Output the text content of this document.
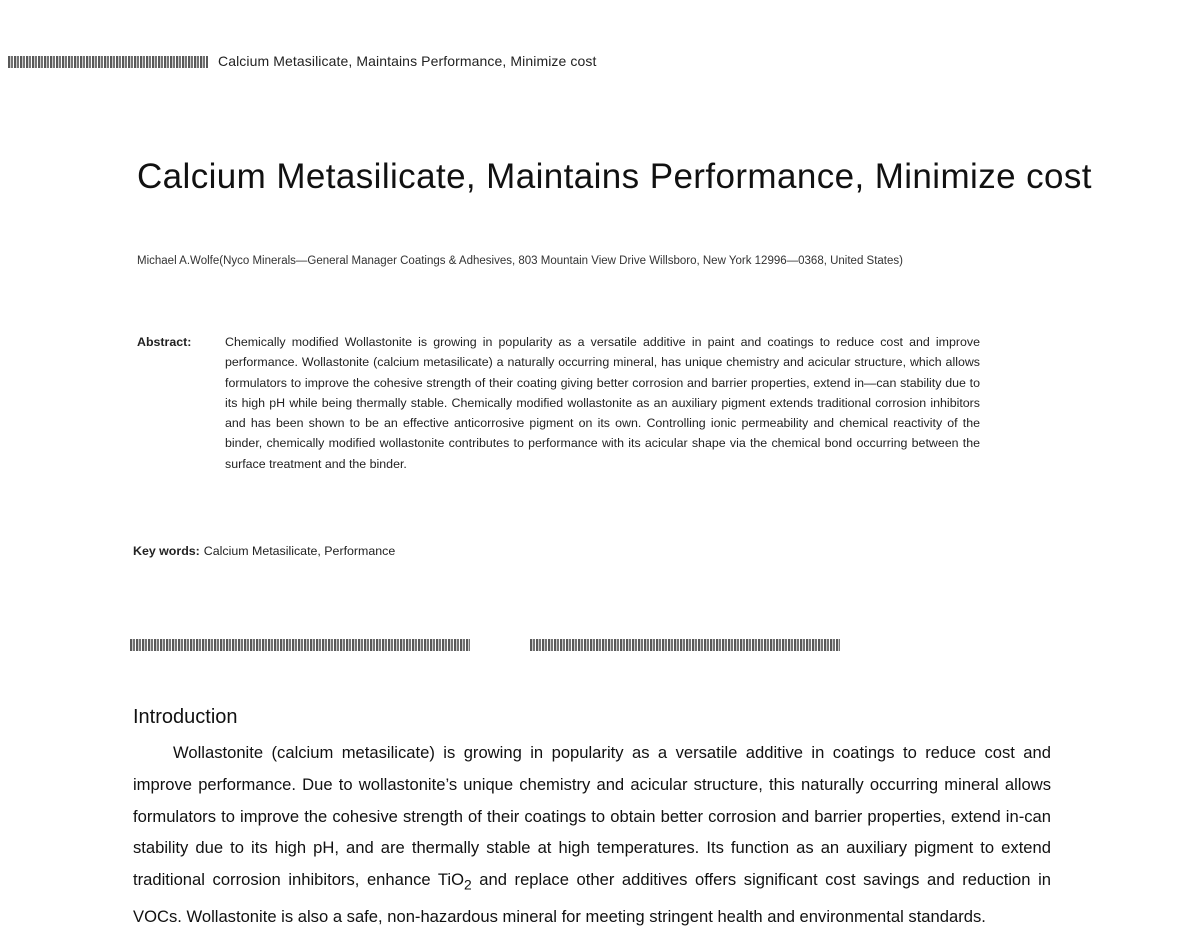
Calcium Metasilicate, Maintains Performance, Minimize cost
Calcium Metasilicate, Maintains Performance, Minimize cost
Michael A.Wolfe(Nyco Minerals—General Manager Coatings & Adhesives, 803 Mountain View Drive Willsboro, New York 12996—0368, United States)
Abstract:	Chemically modified Wollastonite is growing in popularity as a versatile additive in paint and coatings to reduce cost and improve performance. Wollastonite (calcium metasilicate) a naturally occurring mineral, has unique chemistry and acicular structure, which allows formulators to improve the cohesive strength of their coating giving better corrosion and barrier properties, extend in—can stability due to its high pH while being thermally stable. Chemically modified wollastonite as an auxiliary pigment extends traditional corrosion inhibitors and has been shown to be an effective anticorrosive pigment on its own. Controlling ionic permeability and chemical reactivity of the binder, chemically modified wollastonite contributes to performance with its acicular shape via the chemical bond occurring between the surface treatment and the binder.
Key words: Calcium Metasilicate, Performance
Introduction

Wollastonite (calcium metasilicate) is growing in popularity as a versatile additive in coatings to reduce cost and improve performance. Due to wollastonite’s unique chemistry and acicular structure, this naturally occurring mineral allows formulators to improve the cohesive strength of their coatings to obtain better corrosion and barrier properties, extend in-can stability due to its high pH, and are thermally stable at high temperatures. Its function as an auxiliary pigment to extend traditional corrosion inhibitors, enhance TiO$_2$ and replace other additives offers significant cost savings and reduction in VOCs. Wollastonite is also a safe, non-hazardous mineral for meeting stringent health and environmental standards.
